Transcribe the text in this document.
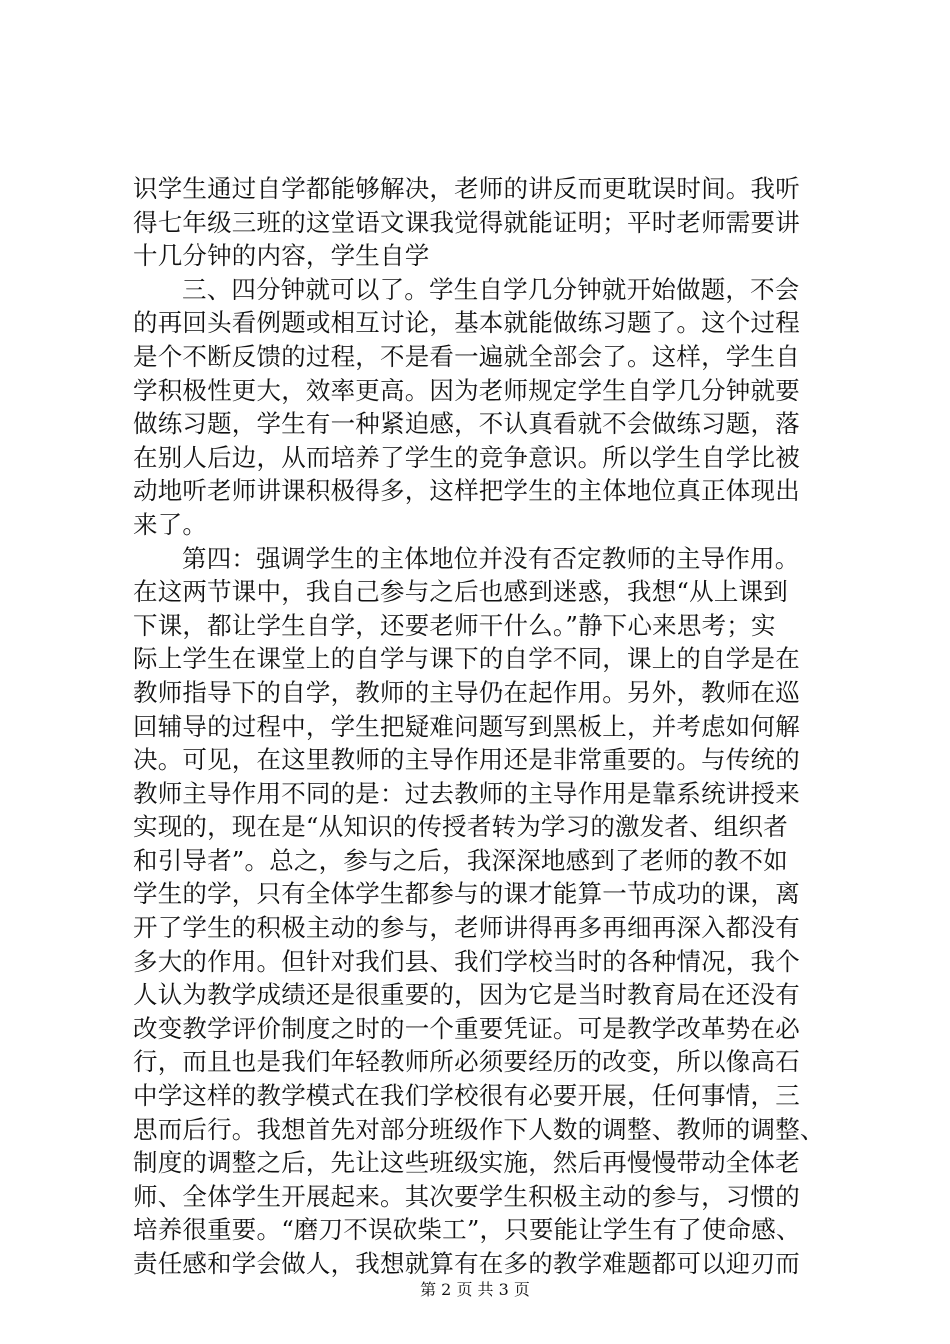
识学生通过自学都能够解决，老师的讲反而更耽误时间。我听
得七年级三班的这堂语文课我觉得就能证明；平时老师需要讲
十几分钟的内容，学生自学
三、四分钟就可以了。学生自学几分钟就开始做题，不会
的再回头看例题或相互讨论，基本就能做练习题了。这个过程
是个不断反馈的过程，不是看一遍就全部会了。这样，学生自
学积极性更大，效率更高。因为老师规定学生自学几分钟就要
做练习题，学生有一种紧迫感，不认真看就不会做练习题，落
在别人后边，从而培养了学生的竞争意识。所以学生自学比被
动地听老师讲课积极得多，这样把学生的主体地位真正体现出
来了。
第四：强调学生的主体地位并没有否定教师的主导作用。
在这两节课中，我自己参与之后也感到迷惑，我想“从上课到
下课，都让学生自学，还要老师干什么。”静下心来思考；实
际上学生在课堂上的自学与课下的自学不同，课上的自学是在
教师指导下的自学，教师的主导仍在起作用。另外，教师在巡
回辅导的过程中，学生把疑难问题写到黑板上，并考虑如何解
决。可见，在这里教师的主导作用还是非常重要的。与传统的
教师主导作用不同的是：过去教师的主导作用是靠系统讲授来
实现的，现在是“从知识的传授者转为学习的激发者、组织者
和引导者”。总之，参与之后，我深深地感到了老师的教不如
学生的学，只有全体学生都参与的课才能算一节成功的课，离
开了学生的积极主动的参与，老师讲得再多再细再深入都没有
多大的作用。但针对我们县、我们学校当时的各种情况，我个
人认为教学成绩还是很重要的，因为它是当时教育局在还没有
改变教学评价制度之时的一个重要凭证。可是教学改革势在必
行，而且也是我们年轻教师所必须要经历的改变，所以像高石
中学这样的教学模式在我们学校很有必要开展，任何事情，三
思而后行。我想首先对部分班级作下人数的调整、教师的调整、
制度的调整之后，先让这些班级实施，然后再慢慢带动全体老
师、全体学生开展起来。其次要学生积极主动的参与，习惯的
培养很重要。“磨刀不误砍柴工”，只要能让学生有了使命感、
责任感和学会做人，我想就算有在多的教学难题都可以迎刃而
第 2 页 共 3 页
